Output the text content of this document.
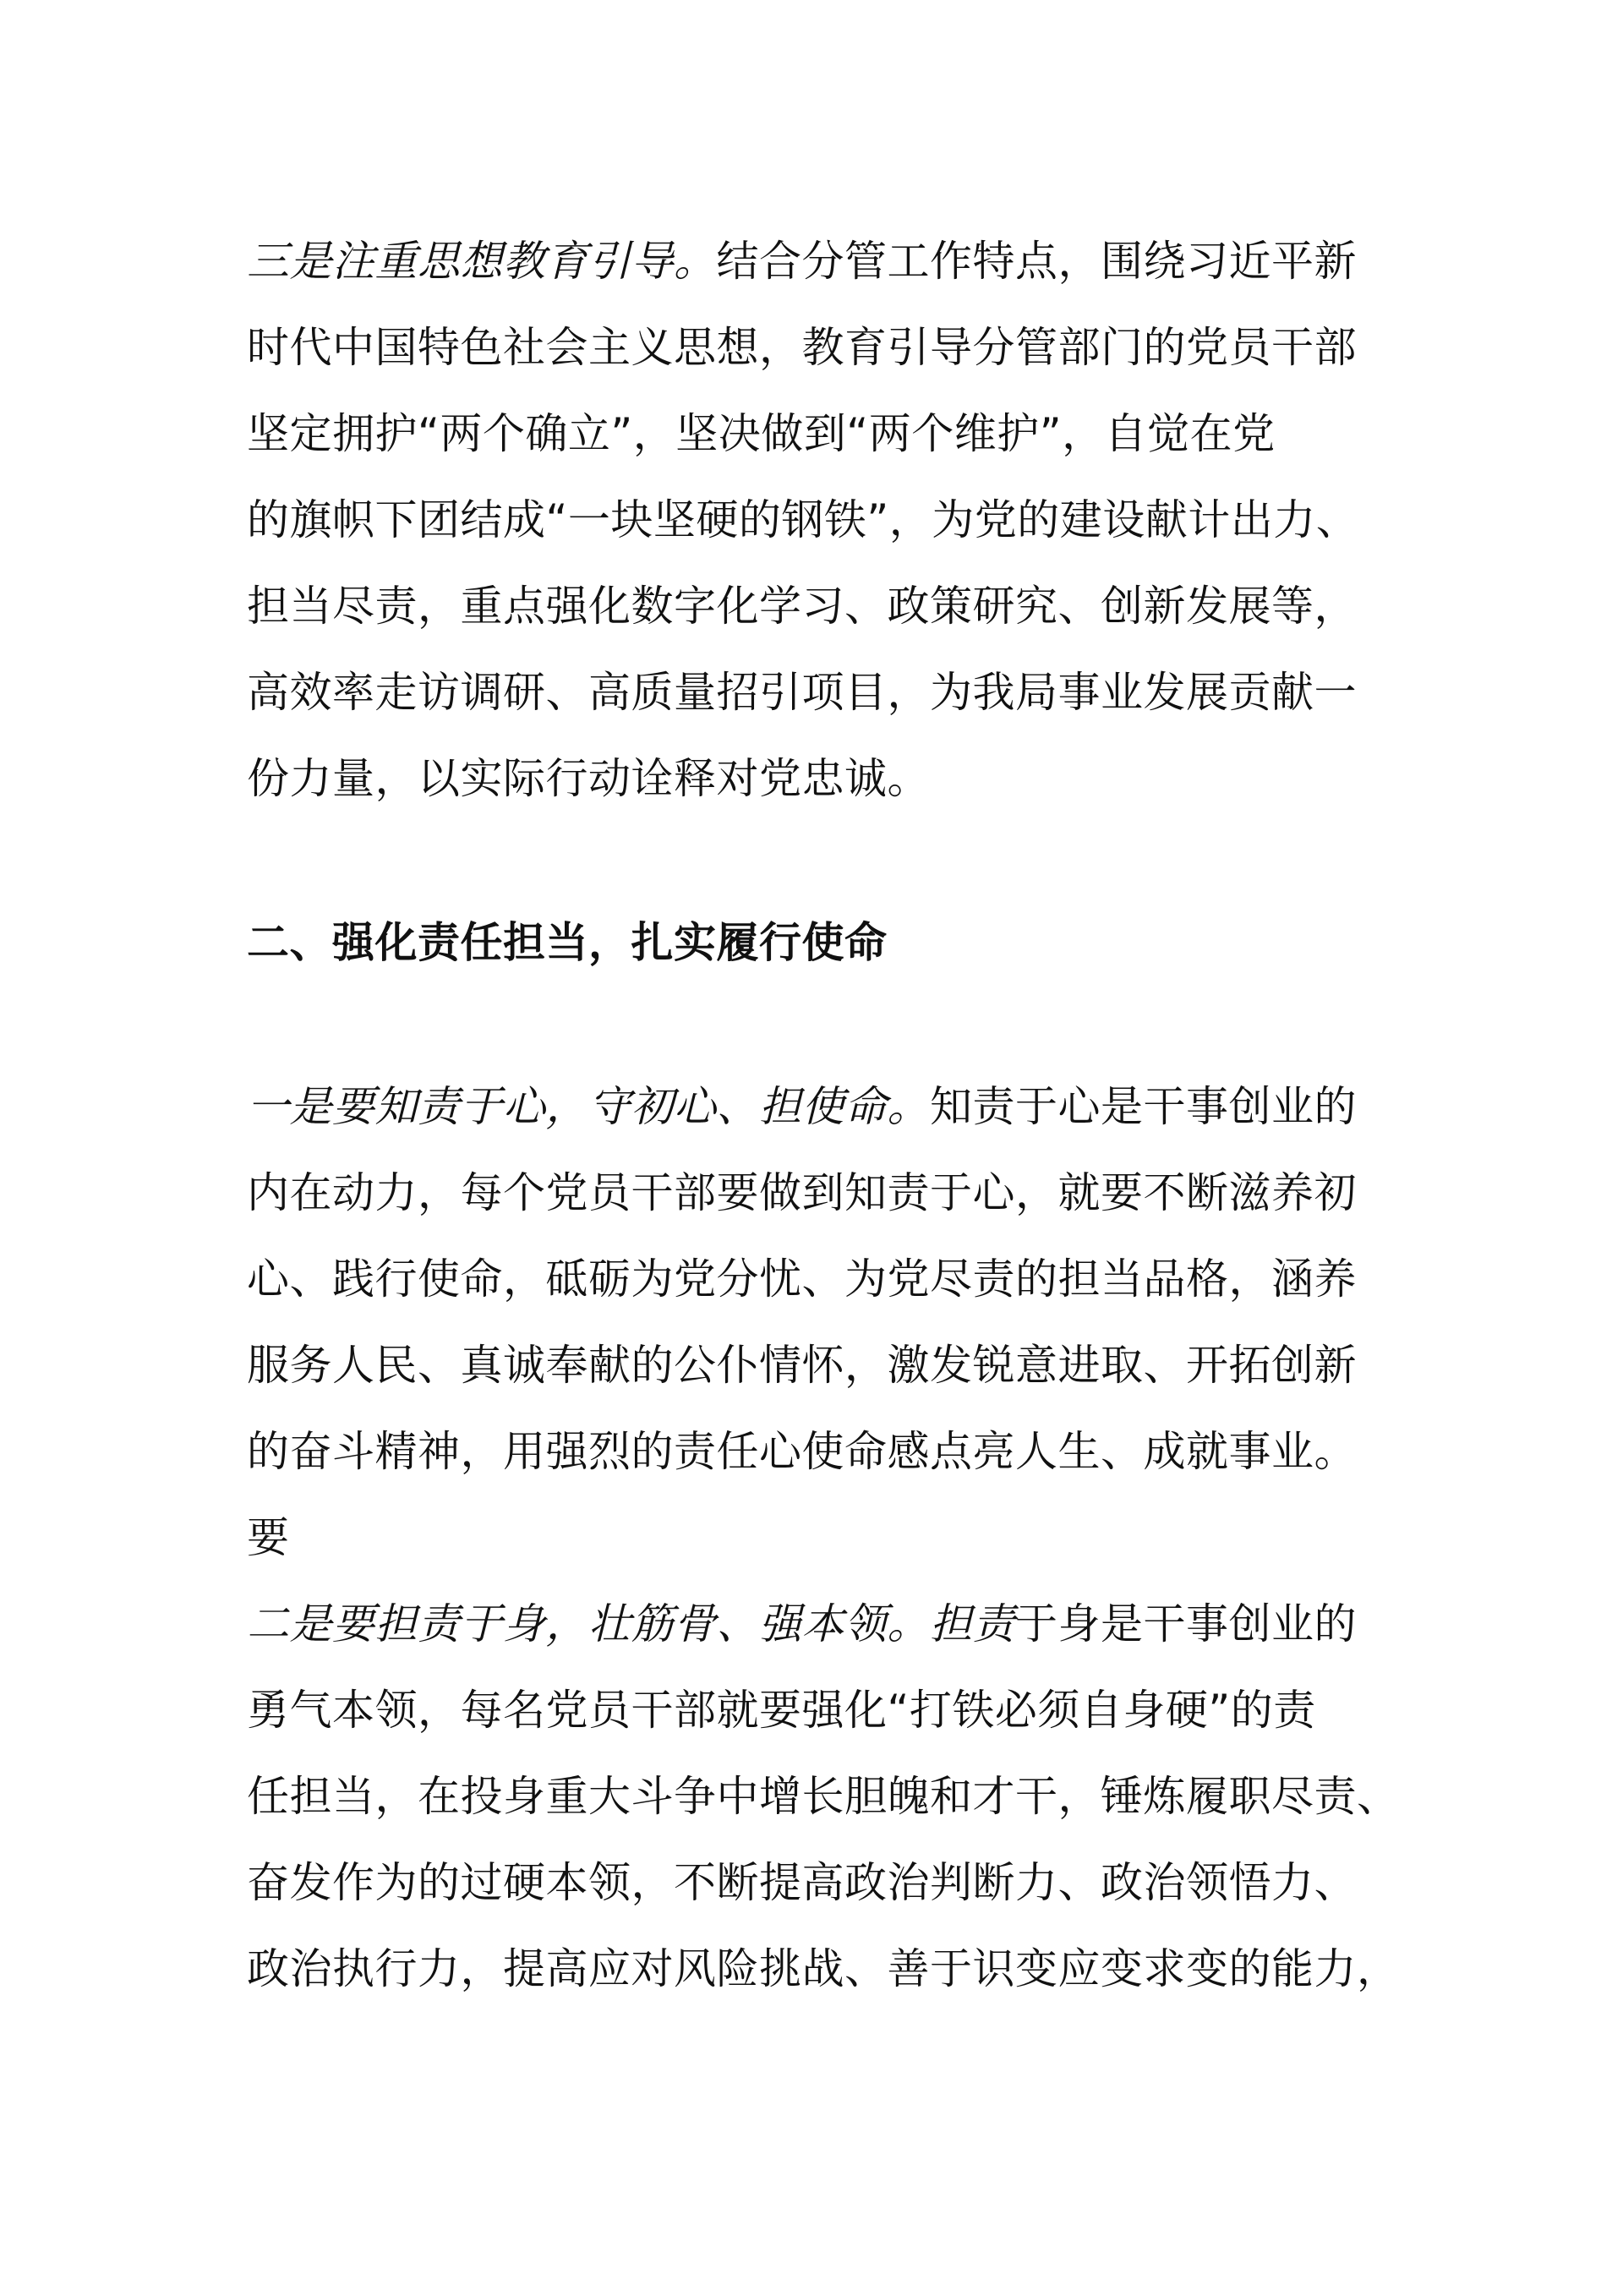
三是注重思想教育引导。结合分管工作特点，围绕习近平新
时代中国特色社会主义思想，教育引导分管部门的党员干部
坚定拥护“两个确立”，坚决做到“两个维护”，自觉在党
的旗帜下团结成“一块坚硬的钢铁”，为党的建设献计出力、
担当尽责，重点强化数字化学习、政策研究、创新发展等，
高效率走访调研、高质量招引项目，为我局事业发展贡献一
份力量，以实际行动诠释对党忠诚。
二、强化责任担当，扎实履行使命
一是要知责于心，守初心、担使命。知责于心是干事创业的
内在动力，每个党员干部要做到知责于心，就要不断滋养初
心、践行使命，砥砺为党分忧、为党尽责的担当品格，涵养
服务人民、真诚奉献的公仆情怀，激发锐意进取、开拓创新
的奋斗精神，用强烈的责任心使命感点亮人生、成就事业。
要
二是要担责于身，壮筋骨、强本领。担责于身是干事创业的
勇气本领，每名党员干部就要强化“打铁必须自身硬”的责
任担当，在投身重大斗争中增长胆魄和才干，锤炼履职尽责、
奋发作为的过硬本领，不断提高政治判断力、政治领悟力、
政治执行力，提高应对风险挑战、善于识变应变求变的能力，
